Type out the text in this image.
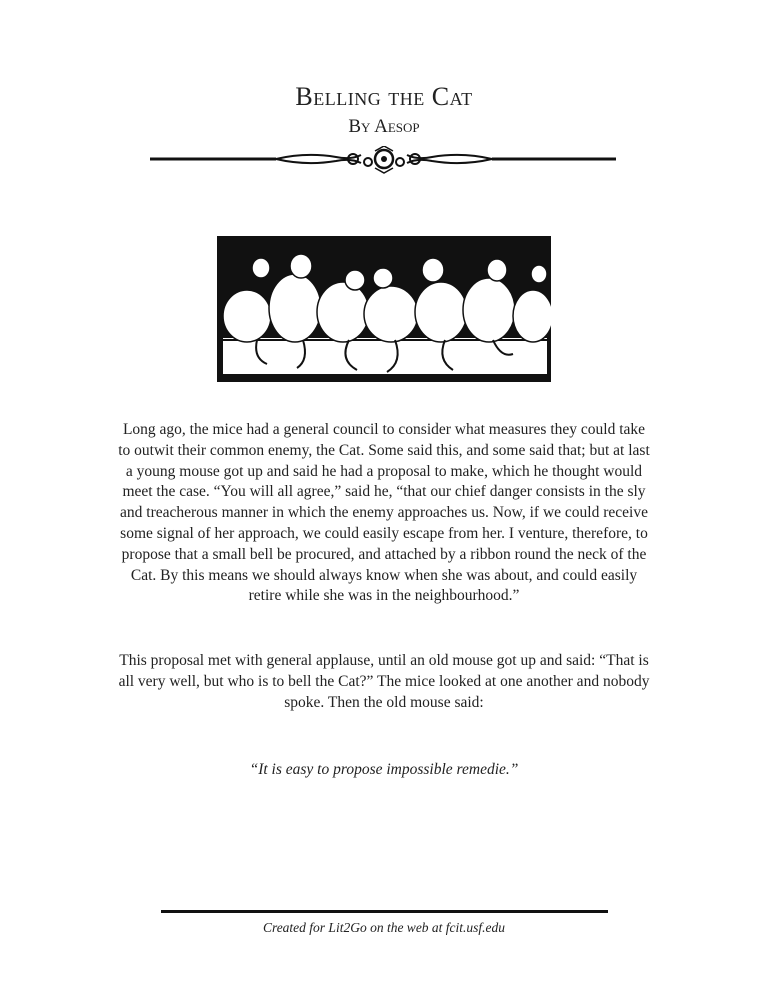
Belling the Cat
By Aesop
Long ago, the mice had a general council to consider what measures they could take to outwit their common enemy, the Cat. Some said this, and some said that; but at last a young mouse got up and said he had a proposal to make, which he thought would meet the case. “You will all agree,” said he, “that our chief danger consists in the sly and treacherous manner in which the enemy approaches us. Now, if we could receive some signal of her approach, we could easily escape from her. I venture, therefore, to propose that a small bell be procured, and attached by a ribbon round the neck of the Cat. By this means we should always know when she was about, and could easily retire while she was in the neighbourhood.”
This proposal met with general applause, until an old mouse got up and said: “That is all very well, but who is to bell the Cat?” The mice looked at one another and nobody spoke. Then the old mouse said:
“It is easy to propose impossible remedie.”
Created for Lit2Go on the web at fcit.usf.edu
